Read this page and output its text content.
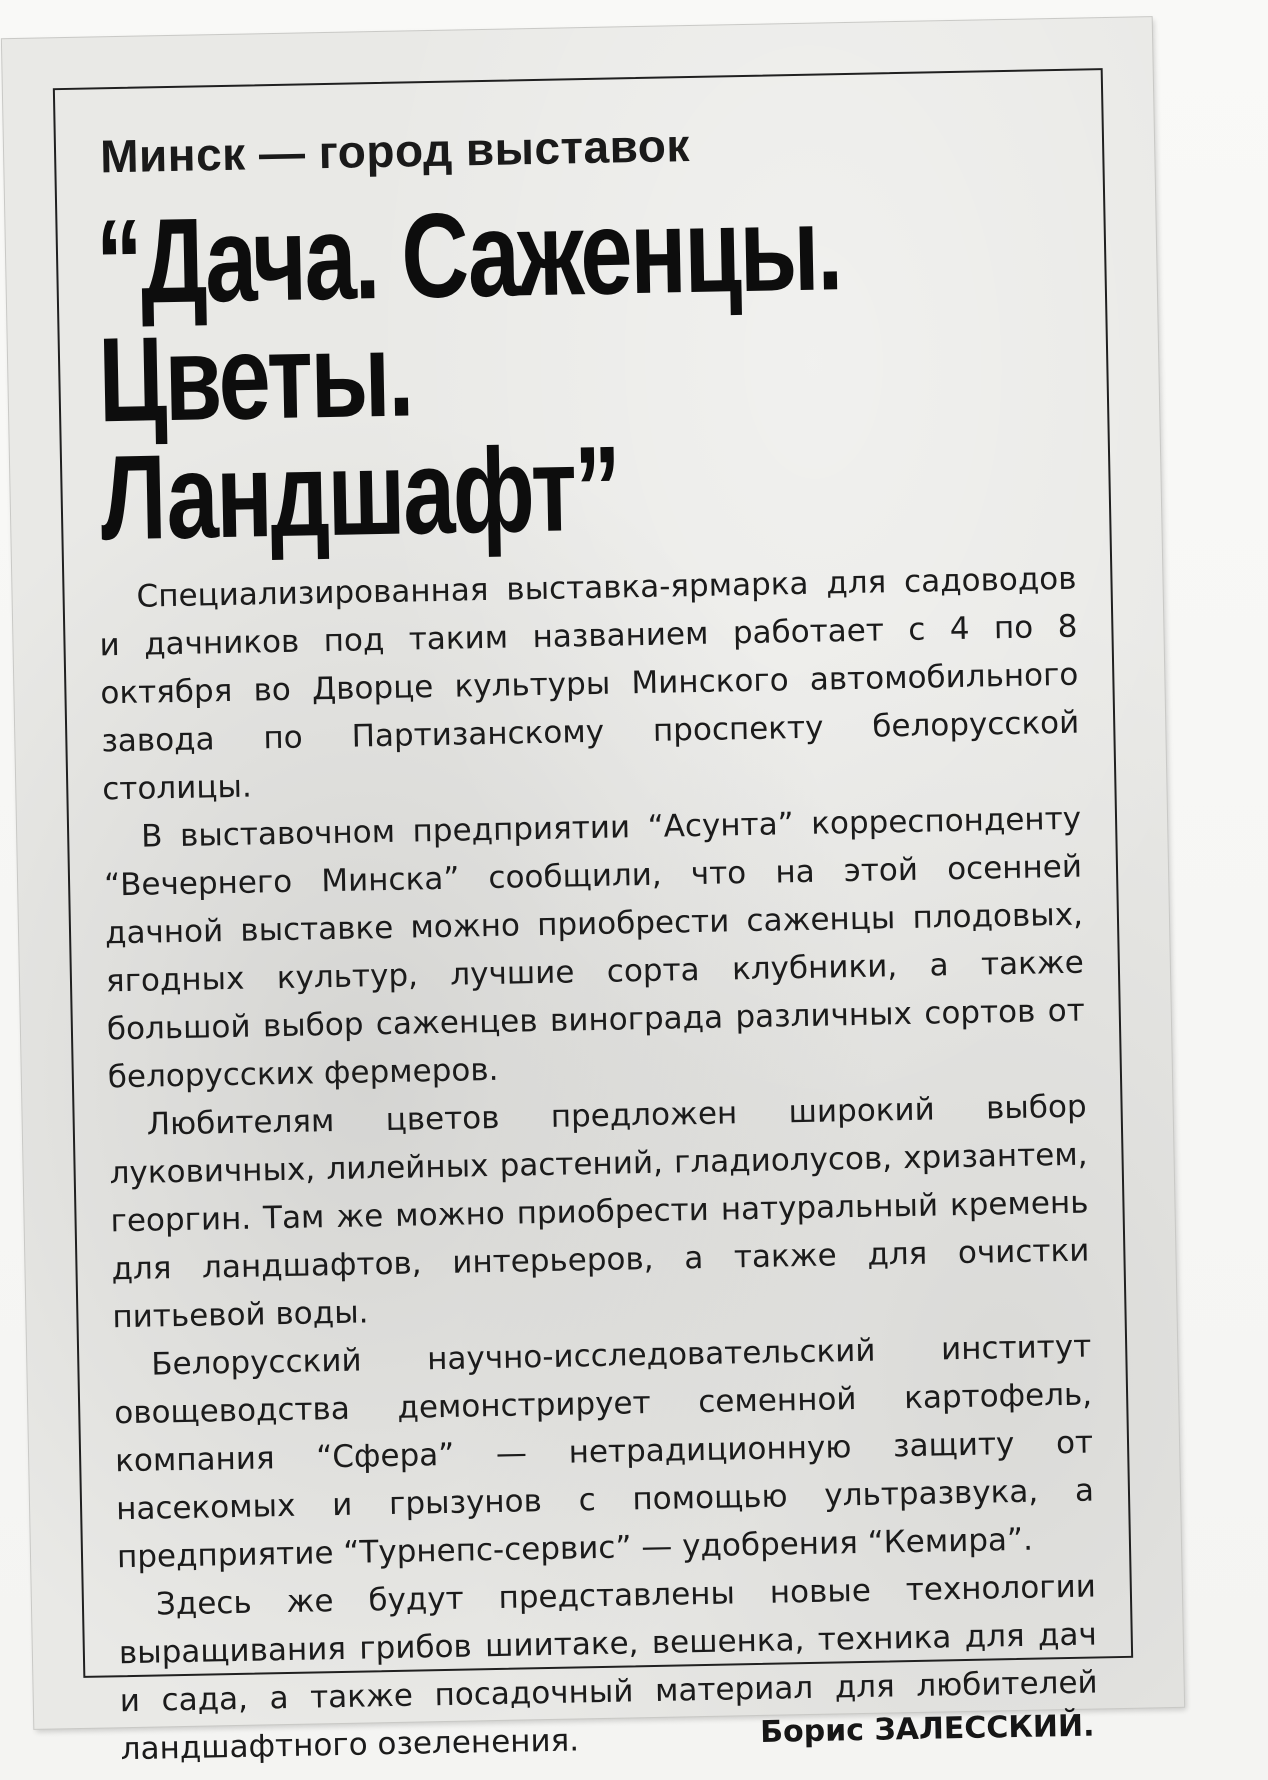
Минск — город выставок
“Дача. Саженцы.
Цветы.
Ландшафт”

Специализированная выставка-ярмарка для садоводов и дачников под таким названием работает с 4 по 8 октября во Дворце культуры Минского автомобильного завода по Партизанскому проспекту белорусской столицы.

В выставочном предприятии “Асунта” корреспонденту “Вечернего Минска” сообщили, что на этой осенней дачной выставке можно приобрести саженцы плодовых, ягодных культур, лучшие сорта клубники, а также большой выбор саженцев винограда различных сортов от белорусских фермеров.

Любителям цветов предложен широкий выбор луковичных, лилейных растений, гладиолусов, хризантем, георгин. Там же можно приобрести натуральный кремень для ландшафтов, интерьеров, а также для очистки питьевой воды.

Белорусский научно-исследовательский институт овощеводства демонстрирует семенной картофель, компания “Сфера” — нетрадиционную защиту от насекомых и грызунов с помощью ультразвука, а предприятие “Турнепс-сервис” — удобрения “Кемира”.

Здесь же будут представлены новые технологии выращивания грибов шиитаке, вешенка, техника для дач и сада, а также посадочный материал для любителей ландшафтного озеленения.	Борис ЗАЛЕССКИЙ.
